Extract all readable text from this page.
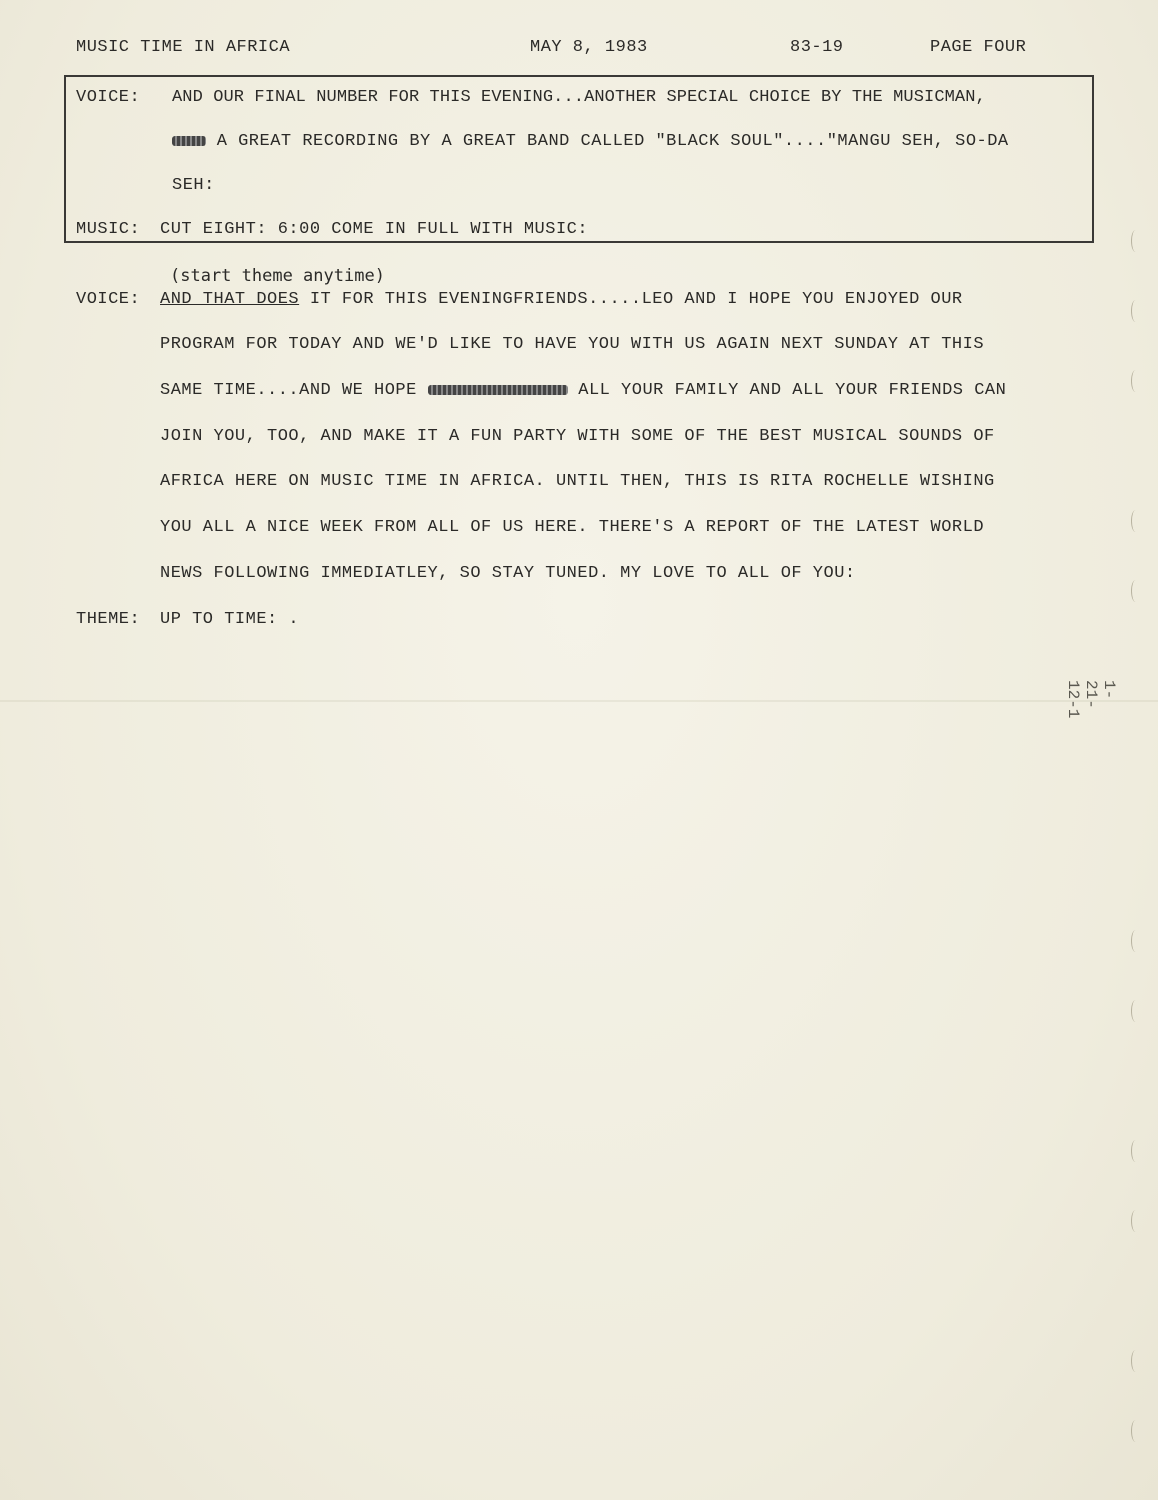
MUSIC TIME IN AFRICA	MAY 8, 1983	83-19	PAGE FOUR
VOICE: AND OUR FINAL NUMBER FOR THIS EVENING...ANOTHER SPECIAL CHOICE BY THE MUSICMAN,
A GREAT RECORDING BY A GREAT BAND CALLED "BLACK SOUL"...."MANGU SEH, SO-DA
SEH:
MUSIC: CUT EIGHT: 6:00 COME IN FULL WITH MUSIC:
(start theme anytime)
VOICE: AND THAT DOES IT FOR THIS EVENINGFRIENDS.....LEO AND I HOPE YOU ENJOYED OUR
PROGRAM FOR TODAY AND WE'D LIKE TO HAVE YOU WITH US AGAIN NEXT SUNDAY AT THIS
SAME TIME....AND WE HOPE	ALL YOUR FAMILY AND ALL YOUR FRIENDS CAN
JOIN YOU, TOO, AND MAKE IT A FUN PARTY WITH SOME OF THE BEST MUSICAL SOUNDS OF
AFRICA HERE ON MUSIC TIME IN AFRICA. UNTIL THEN, THIS IS RITA ROCHELLE WISHING
YOU ALL A NICE WEEK FROM ALL OF US HERE. THERE'S A REPORT OF THE LATEST WORLD
NEWS FOLLOWING IMMEDIATLEY, SO STAY TUNED. MY LOVE TO ALL OF YOU:
THEME: UP TO TIME: .
1-21-12-1
